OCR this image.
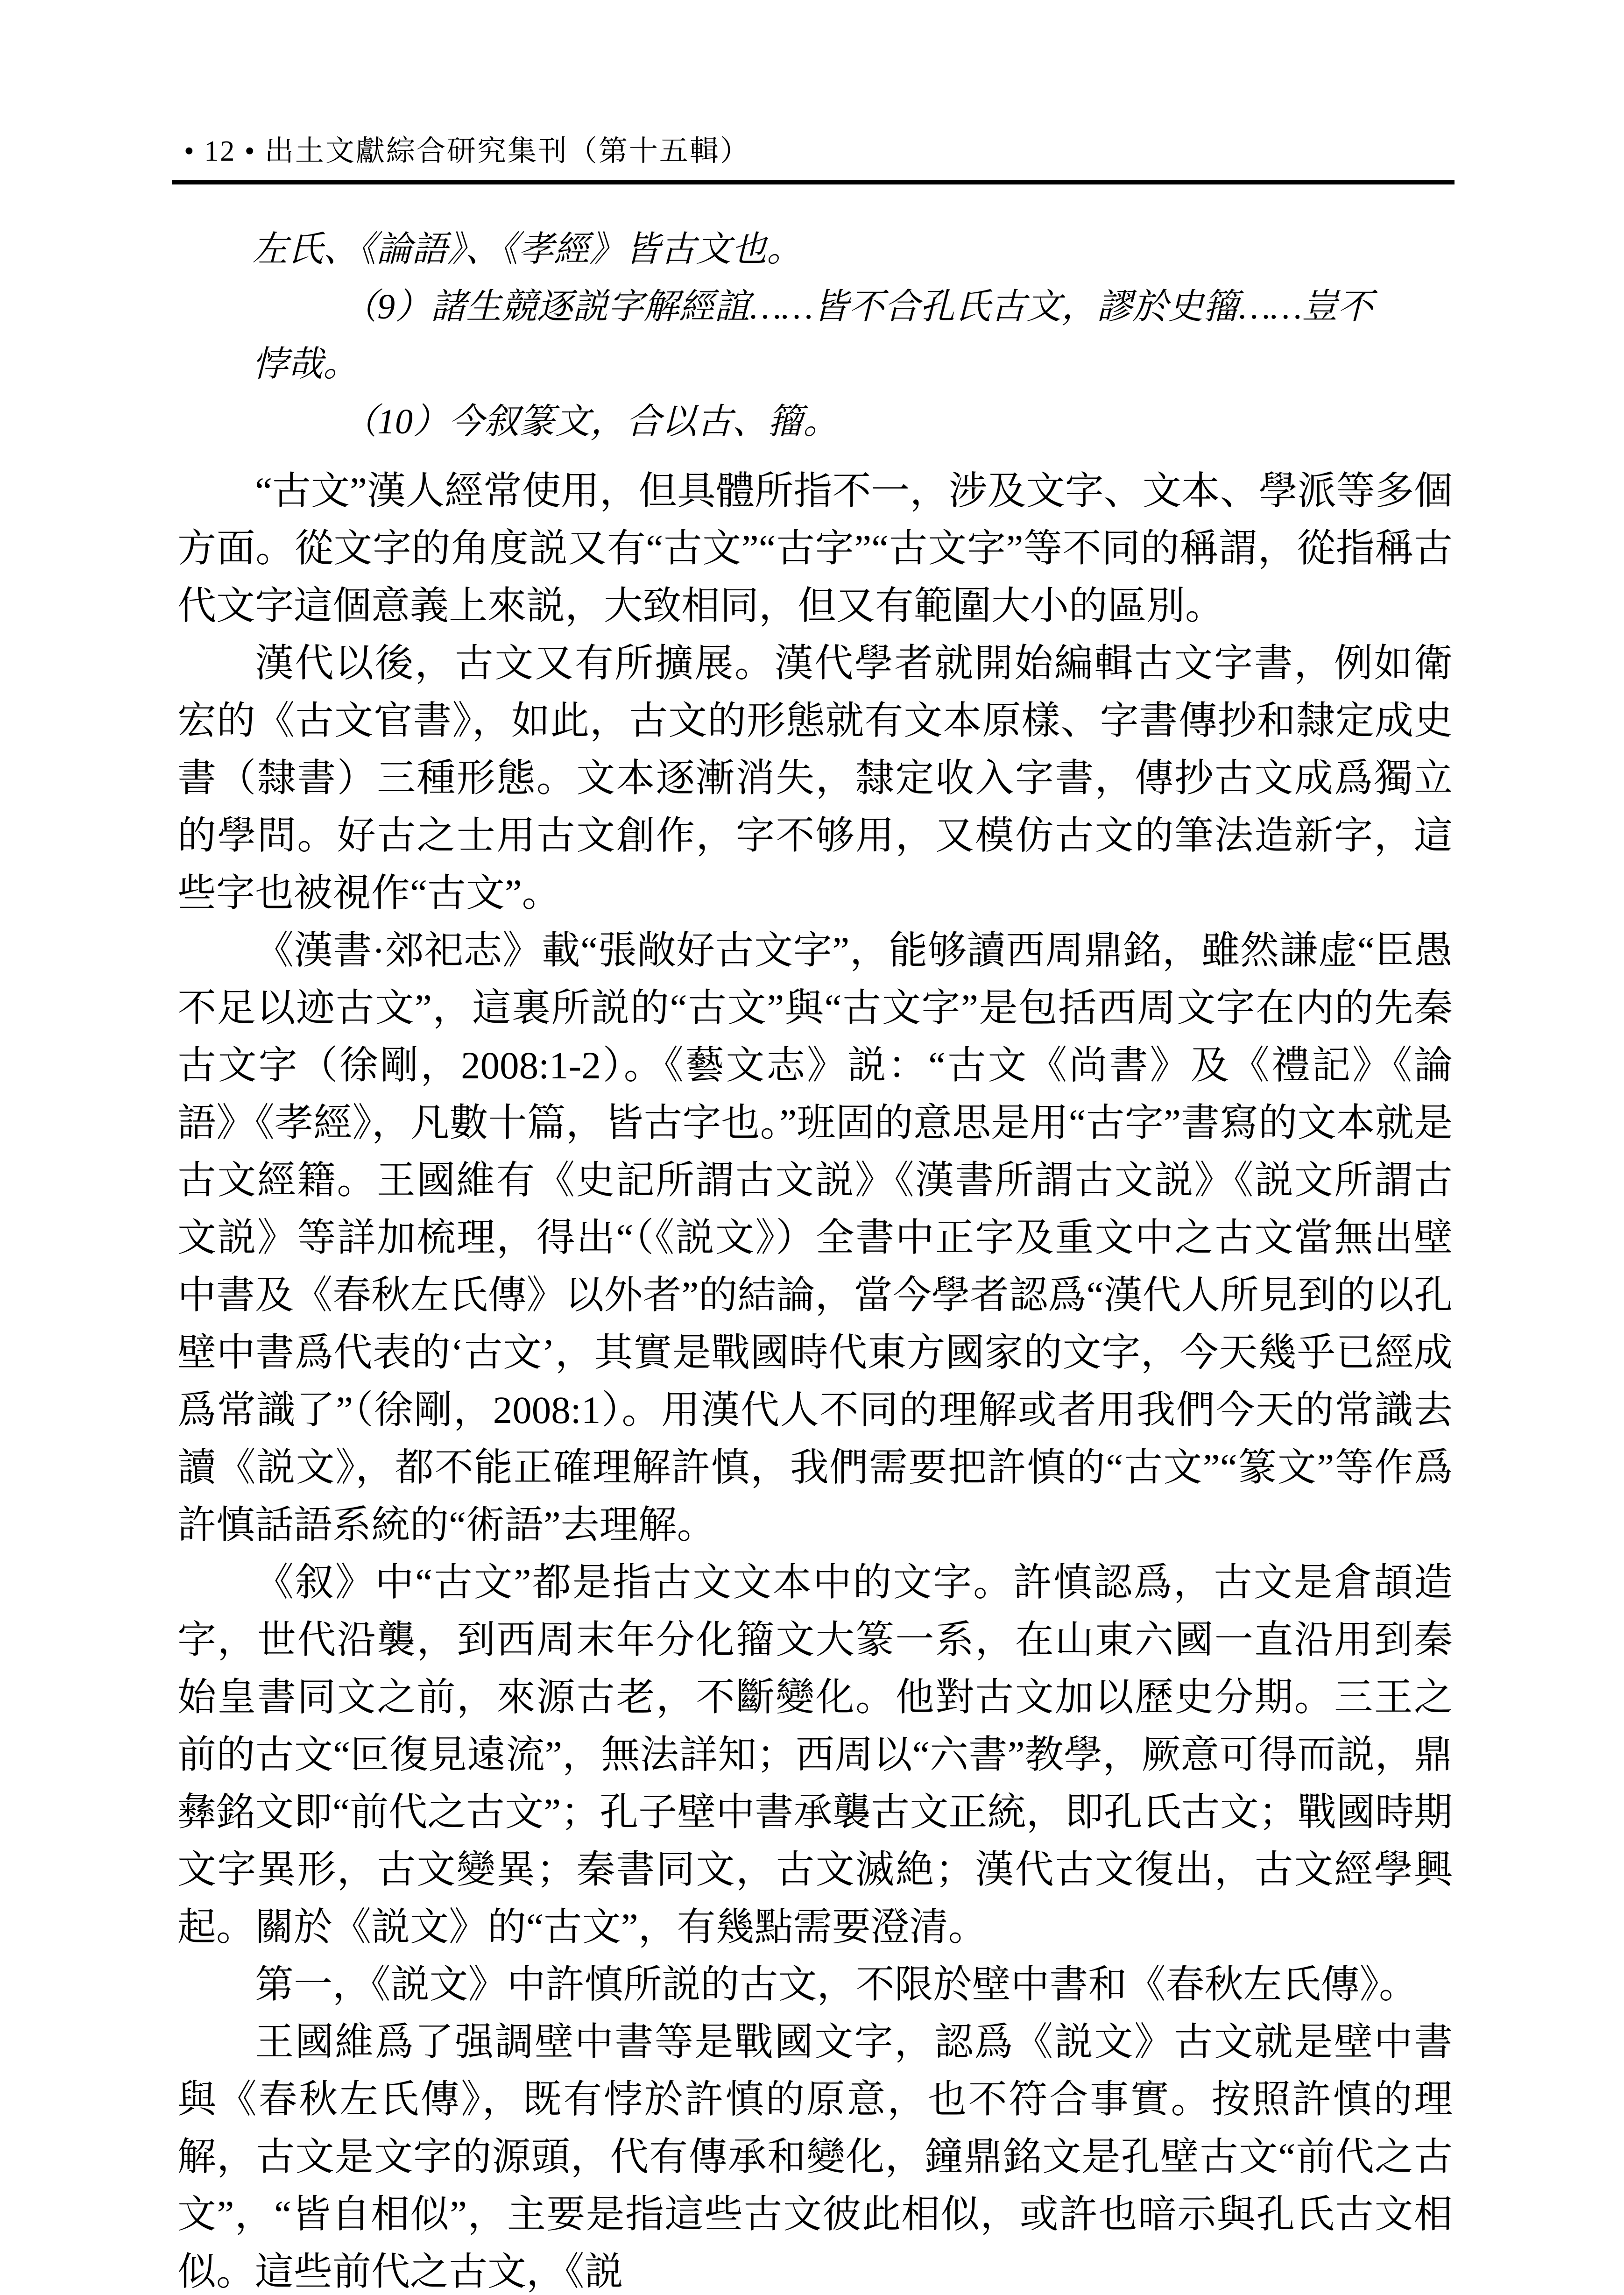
• 12 • 出土文獻綜合研究集刊（第十五輯）
左氏、《論語》、《孝經》皆古文也。
（9）諸生競逐説字解經誼……皆不合孔氏古文，謬於史籀……豈不
悖哉。
（10）今叙篆文，合以古、籀。

“古文”漢人經常使用，但具體所指不一，涉及文字、文本、學派等多個方面。從文字的角度説又有“古文”“古字”“古文字”等不同的稱謂，從指稱古代文字這個意義上來説，大致相同，但又有範圍大小的區別。

漢代以後，古文又有所擴展。漢代學者就開始編輯古文字書，例如衛宏的《古文官書》，如此，古文的形態就有文本原樣、字書傳抄和隸定成史書（隸書）三種形態。文本逐漸消失，隸定收入字書，傳抄古文成爲獨立的學問。好古之士用古文創作，字不够用，又模仿古文的筆法造新字，這些字也被視作“古文”。

《漢書·郊祀志》載“張敞好古文字”，能够讀西周鼎銘，雖然謙虚“臣愚不足以迹古文”，這裏所説的“古文”與“古文字”是包括西周文字在内的先秦古文字（徐剛，2008:1-2）。《藝文志》説：“古文《尚書》及《禮記》《論語》《孝經》，凡數十篇，皆古字也。”班固的意思是用“古字”書寫的文本就是古文經籍。王國維有《史記所謂古文説》《漢書所謂古文説》《説文所謂古文説》等詳加梳理，得出“（《説文》）全書中正字及重文中之古文當無出壁中書及《春秋左氏傳》以外者”的結論，當今學者認爲“漢代人所見到的以孔壁中書爲代表的‘古文’，其實是戰國時代東方國家的文字，今天幾乎已經成爲常識了”（徐剛，2008:1）。用漢代人不同的理解或者用我們今天的常識去讀《説文》，都不能正確理解許慎，我們需要把許慎的“古文”“篆文”等作爲許慎話語系統的“術語”去理解。

《叙》中“古文”都是指古文文本中的文字。許慎認爲，古文是倉頡造字，世代沿襲，到西周末年分化籀文大篆一系，在山東六國一直沿用到秦始皇書同文之前，來源古老，不斷變化。他對古文加以歷史分期。三王之前的古文“叵復見遠流”，無法詳知；西周以“六書”教學，厥意可得而説，鼎彝銘文即“前代之古文”；孔子壁中書承襲古文正統，即孔氏古文；戰國時期文字異形，古文變異；秦書同文，古文滅絶；漢代古文復出，古文經學興起。關於《説文》的“古文”，有幾點需要澄清。

第一，《説文》中許慎所説的古文，不限於壁中書和《春秋左氏傳》。

王國維爲了强調壁中書等是戰國文字，認爲《説文》古文就是壁中書與《春秋左氏傳》，既有悖於許慎的原意，也不符合事實。按照許慎的理解，古文是文字的源頭，代有傳承和變化，鐘鼎銘文是孔壁古文“前代之古文”，“皆自相似”，主要是指這些古文彼此相似，或許也暗示與孔氏古文相似。這些前代之古文，《説
